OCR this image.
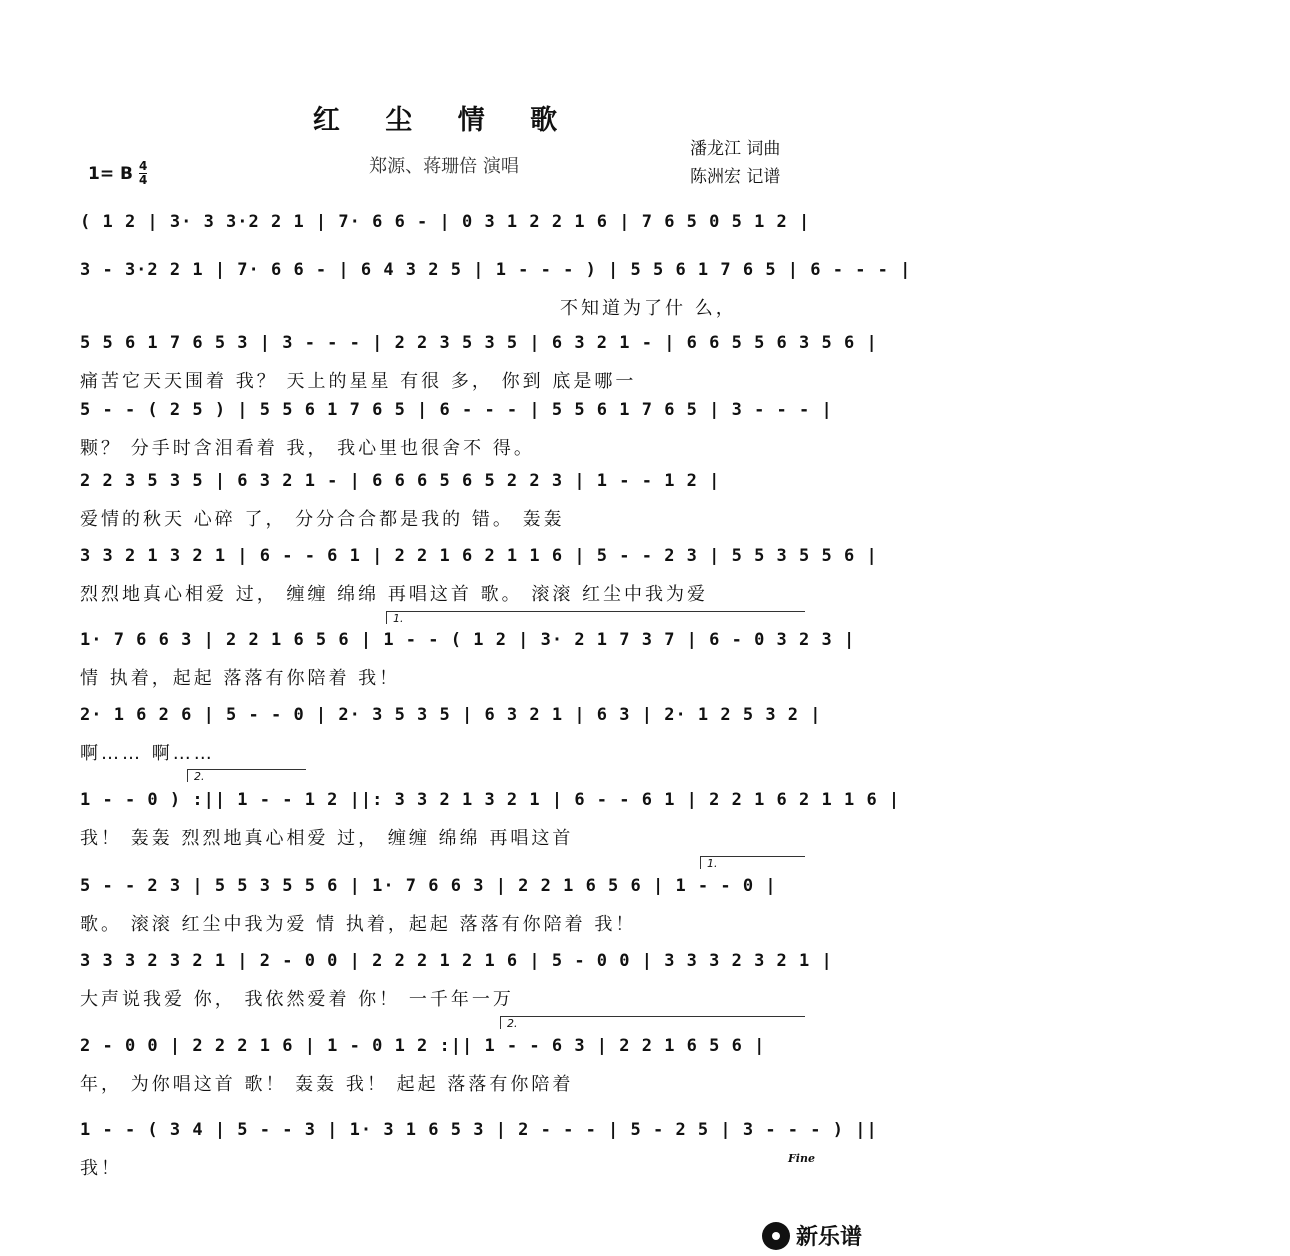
红 尘 情 歌
1= B 4
4
郑源、蒋珊倍 演唱
潘龙江 词曲
陈洲宏 记谱
1.
2.
1.
2.
( 1 2 | 3· 3 3·2 2 1 | 7· 6 6 - | 0 3 1 2 2 1 6 | 7 6 5 0 5 1 2 |
3 - 3·2 2 1 | 7· 6 6 - | 6 4 3 2 5 | 1 - - - ) | 5 5 6 1 7 6 5 | 6 - - - |
不知道为了什 么，
5 5 6 1 7 6 5 3 | 3 - - - | 2 2 3 5 3 5 | 6 3 2 1 - | 6 6 5 5 6 3 5 6 |
痛苦它天天围着 我？ 天上的星星 有很 多， 你到 底是哪一
5 - - ( 2 5 ) | 5 5 6 1 7 6 5 | 6 - - - | 5 5 6 1 7 6 5 | 3 - - - |
颗？ 分手时含泪看着 我， 我心里也很舍不 得。
2 2 3 5 3 5 | 6 3 2 1 - | 6 6 6 5 6 5 2 2 3 | 1 - - 1 2 |
爱情的秋天 心碎 了， 分分合合都是我的 错。 轰轰
3 3 2 1 3 2 1 | 6 - - 6 1 | 2 2 1 6 2 1 1 6 | 5 - - 2 3 | 5 5 3 5 5 6 |
烈烈地真心相爱 过， 缠缠 绵绵 再唱这首 歌。 滚滚 红尘中我为爱
1· 7 6 6 3 | 2 2 1 6 5 6 | 1 - - ( 1 2 | 3· 2 1 7 3 7 | 6 - 0 3 2 3 |
情 执着，起起 落落有你陪着 我！
2· 1 6 2 6 | 5 - - 0 | 2· 3 5 3 5 | 6 3 2 1 | 6 3 | 2· 1 2 5 3 2 |
啊…… 啊……
1 - - 0 ) :|| 1 - - 1 2 ||: 3 3 2 1 3 2 1 | 6 - - 6 1 | 2 2 1 6 2 1 1 6 |
我！ 轰轰 烈烈地真心相爱 过， 缠缠 绵绵 再唱这首
5 - - 2 3 | 5 5 3 5 5 6 | 1· 7 6 6 3 | 2 2 1 6 5 6 | 1 - - 0 |
歌。 滚滚 红尘中我为爱 情 执着，起起 落落有你陪着 我！
3 3 3 2 3 2 1 | 2 - 0 0 | 2 2 2 1 2 1 6 | 5 - 0 0 | 3 3 3 2 3 2 1 |
大声说我爱 你， 我依然爱着 你！ 一千年一万
2 - 0 0 | 2 2 2 1 6 | 1 - 0 1 2 :|| 1 - - 6 3 | 2 2 1 6 5 6 |
年， 为你唱这首 歌！ 轰轰 我！ 起起 落落有你陪着
1 - - ( 3 4 | 5 - - 3 | 1· 3 1 6 5 3 | 2 - - - | 5 - 2 5 | 3 - - - ) ||
我！	Fine
新乐谱
